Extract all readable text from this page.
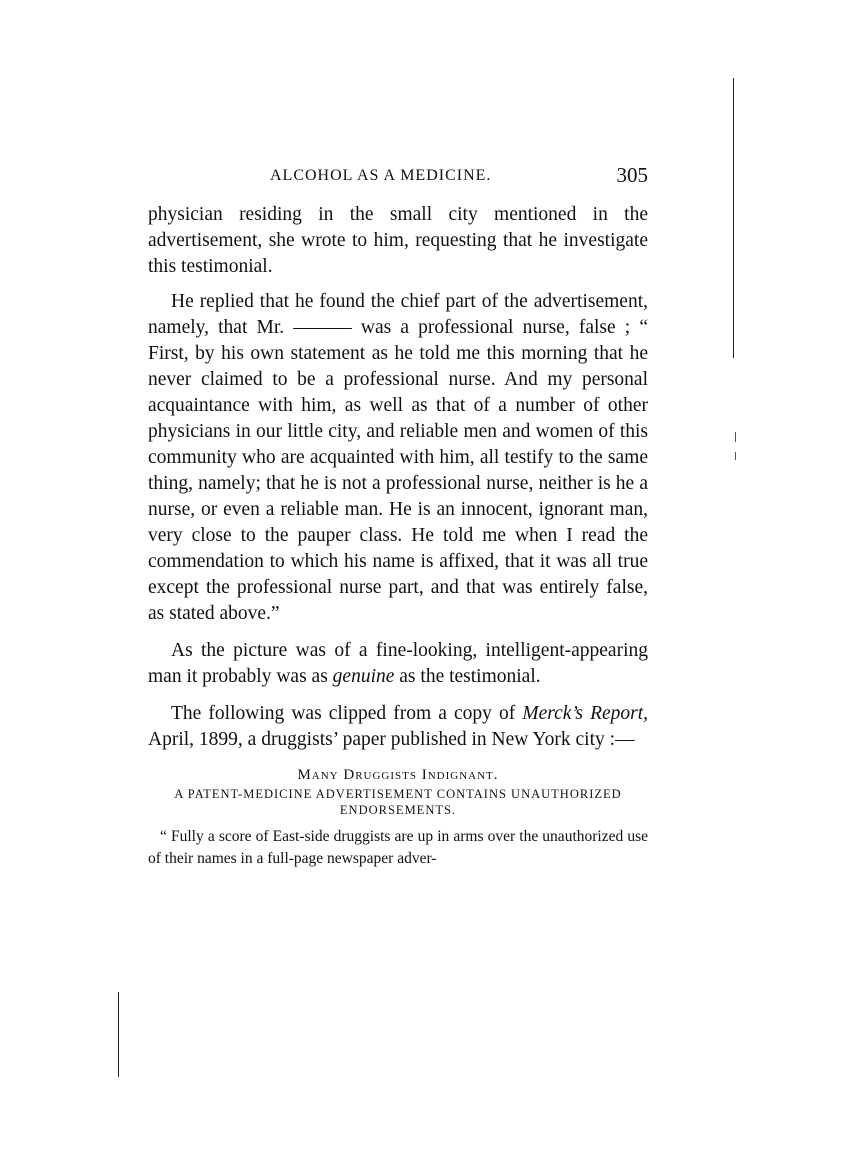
ALCOHOL AS A MEDICINE.	305

physician residing in the small city mentioned in the advertisement, she wrote to him, requesting that he investigate this testimonial.

He replied that he found the chief part of the advertisement, namely, that Mr. ——— was a professional nurse, false ; “ First, by his own statement as he told me this morning that he never claimed to be a professional nurse. And my personal acquaintance with him, as well as that of a number of other physicians in our little city, and reliable men and women of this community who are acquainted with him, all testify to the same thing, namely; that he is not a professional nurse, neither is he a nurse, or even a reliable man. He is an innocent, ignorant man, very close to the pauper class. He told me when I read the commendation to which his name is affixed, that it was all true except the professional nurse part, and that was entirely false, as stated above.”

As the picture was of a fine-looking, intelligent-appearing man it probably was as genuine as the testimonial.

The following was clipped from a copy of Merck’s Report, April, 1899, a druggists’ paper published in New York city :—

Many Druggists Indignant.
A PATENT-MEDICINE ADVERTISEMENT CONTAINS UNAUTHORIZED ENDORSEMENTS.

“ Fully a score of East-side druggists are up in arms over the unauthorized use of their names in a full-page newspaper adver-
